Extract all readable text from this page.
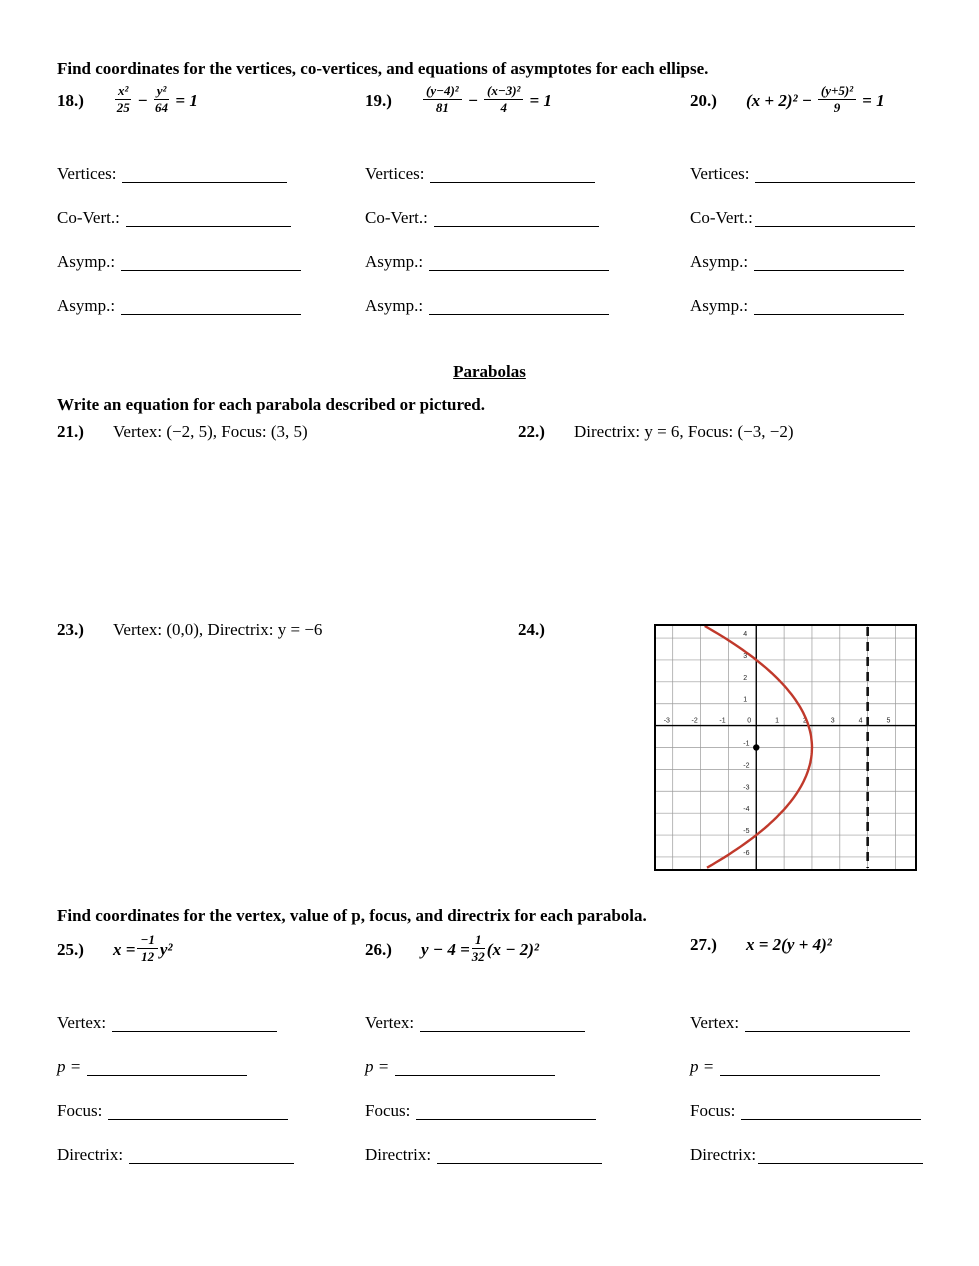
Find coordinates for the vertices, co-vertices, and equations of asymptotes for each ellipse.
$18.) \frac{\text{x²}}{25} - \frac{\text{y²}}{64} = 1$
Vertices:
Co-Vert.:
Asymp.:
Asymp.:
$19.) \frac{\text{(y−4)²}}{81} - \frac{\text{(x−3)²}}{4} = 1$
Vertices:
Co-Vert.:
Asymp.:
Asymp.:
20.) $(x + 2)^2 - \frac{\text{(y+5)²}}{9} = 1$
Vertices:
Co-Vert.:
Asymp.:
Asymp.:
Parabolas
Write an equation for each parabola described or pictured.
21.) Vertex: (−2, 5), Focus: (3, 5)	22.) Directrix: y = 6, Focus: (−3, −2)
23.) Vertex: (0,0), Directrix: y = −6	24.)
-3	-2	-1	0	1	2	3	4	5
4
3
2
1
-1
-2
-3
-4
-5
-6
Find coordinates for the vertex, value of p, focus, and directrix for each parabola.
25.) $x = \frac{-1}{12} y^2$
Vertex:
p =
Focus:
Directrix:
26.) $y - 4 = \frac{1}{32} (x - 2)^2$
Vertex:
p =
Focus:
Directrix:
27.) x = 2(y + 4)²
Vertex:
p =
Focus:
Directrix:
